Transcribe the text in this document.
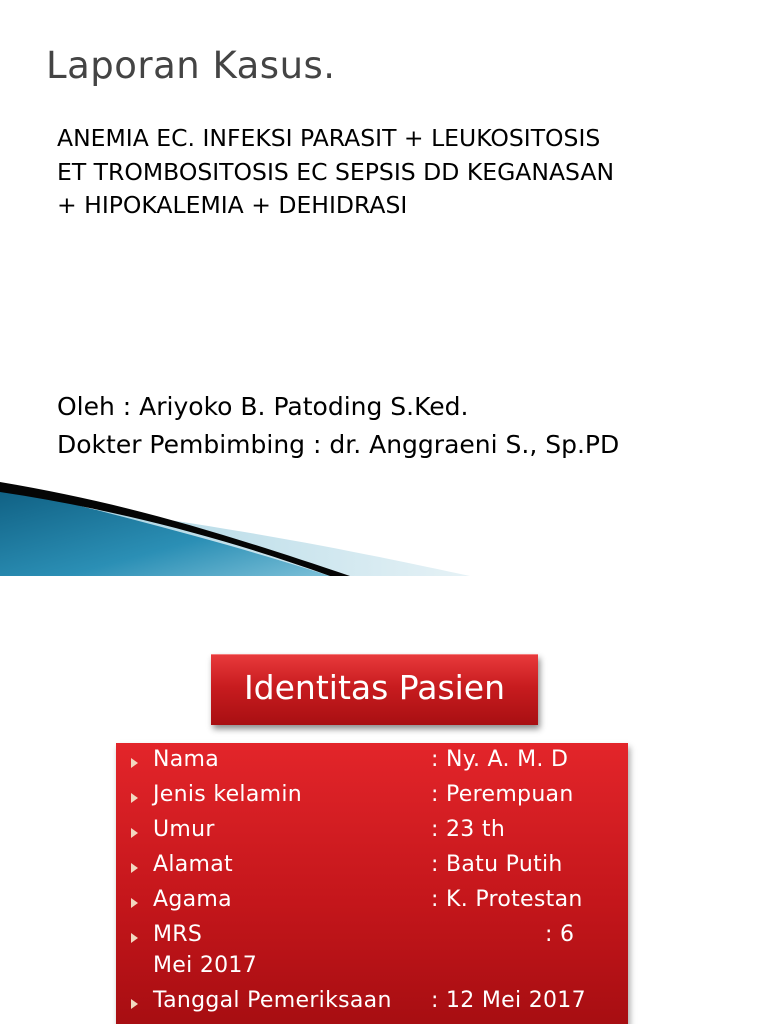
Laporan Kasus.
ANEMIA EC. INFEKSI PARASIT + LEUKOSITOSIS
ET TROMBOSITOSIS EC SEPSIS DD KEGANASAN
+ HIPOKALEMIA + DEHIDRASI
Oleh : Ariyoko B. Patoding S.Ked.
Dokter Pembimbing : dr. Anggraeni S., Sp.PD
Identitas Pasien
Nama	: Ny. A. M. D
Jenis kelamin	: Perempuan
Umur	: 23 th
Alamat	: Batu Putih
Agama	: K. Protestan
MRS	: 6
Mei 2017
Tanggal Pemeriksaan : 12 Mei 2017
